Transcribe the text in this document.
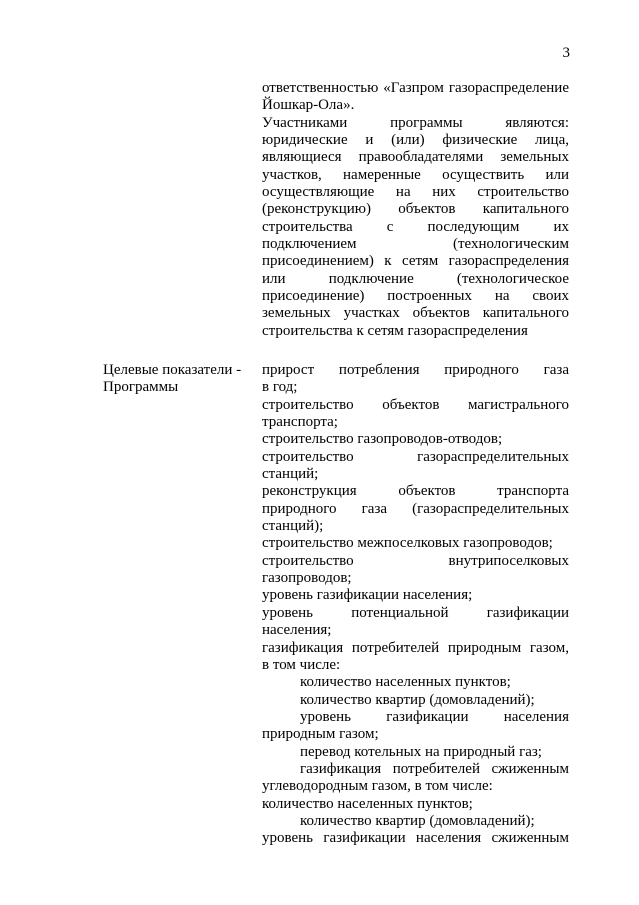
3
ответственностью «Газпром газораспределение
Йошкар-Ола».
Участниками программы являются:
юридические и (или) физические лица,
являющиеся правообладателями земельных
участков, намеренные осуществить или
осуществляющие на них строительство
(реконструкцию) объектов капитального
строительства с последующим их
подключением (технологическим
присоединением) к сетям газораспределения
или подключение (технологическое
присоединение) построенных на своих
земельных участках объектов капитального
строительства к сетям газораспределения
Целевые показатели -
Программы
прирост потребления природного газа
в год;
строительство объектов магистрального
транспорта;
строительство газопроводов-отводов;
строительство газораспределительных
станций;
реконструкция объектов транспорта
природного газа (газораспределительных
станций);
строительство межпоселковых газопроводов;
строительство внутрипоселковых
газопроводов;
уровень газификации населения;
уровень потенциальной газификации
населения;
газификация потребителей природным газом,
в том числе:
количество населенных пунктов;
количество квартир (домовладений);
уровень газификации населения
природным газом;
перевод котельных на природный газ;
газификация потребителей сжиженным
углеводородным газом, в том числе:
количество населенных пунктов;
количество квартир (домовладений);
уровень газификации населения сжиженным
